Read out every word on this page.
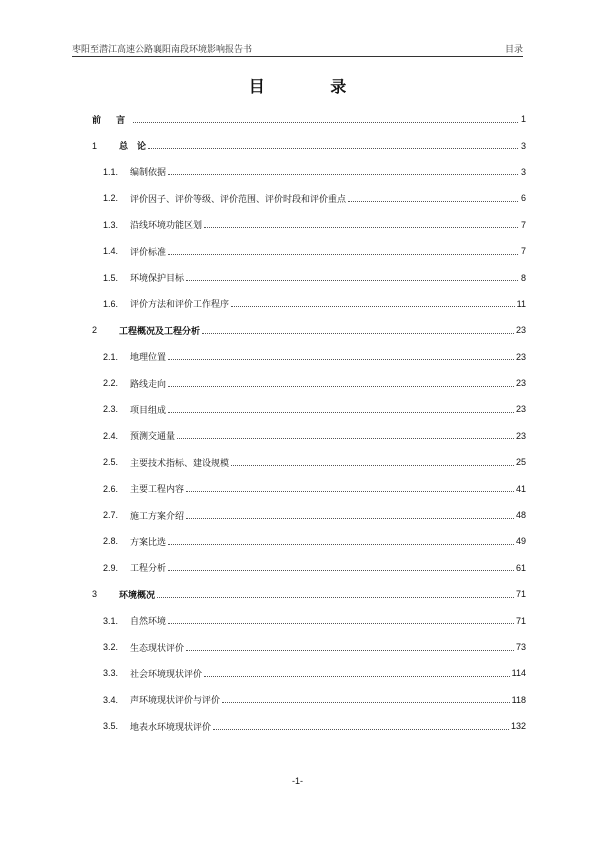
枣阳至潜江高速公路襄阳南段环境影响报告书	目录
目 录
前 言	1
1	总　论	3
1.1.	编制依据	3
1.2.	评价因子、评价等级、评价范围、评价时段和评价重点	6
1.3.	沿线环境功能区划	7
1.4.	评价标准	7
1.5.	环境保护目标	8
1.6.	评价方法和评价工作程序	11
2	工程概况及工程分析	23
2.1.	地理位置	23
2.2.	路线走向	23
2.3.	项目组成	23
2.4.	预测交通量	23
2.5.	主要技术指标、建设规模	25
2.6.	主要工程内容	41
2.7.	施工方案介绍	48
2.8.	方案比选	49
2.9.	工程分析	61
3	环境概况	71
3.1.	自然环境	71
3.2.	生态现状评价	73
3.3.	社会环境现状评价	114
3.4.	声环境现状评价与评价	118
3.5.	地表水环境现状评价	132
-1-
